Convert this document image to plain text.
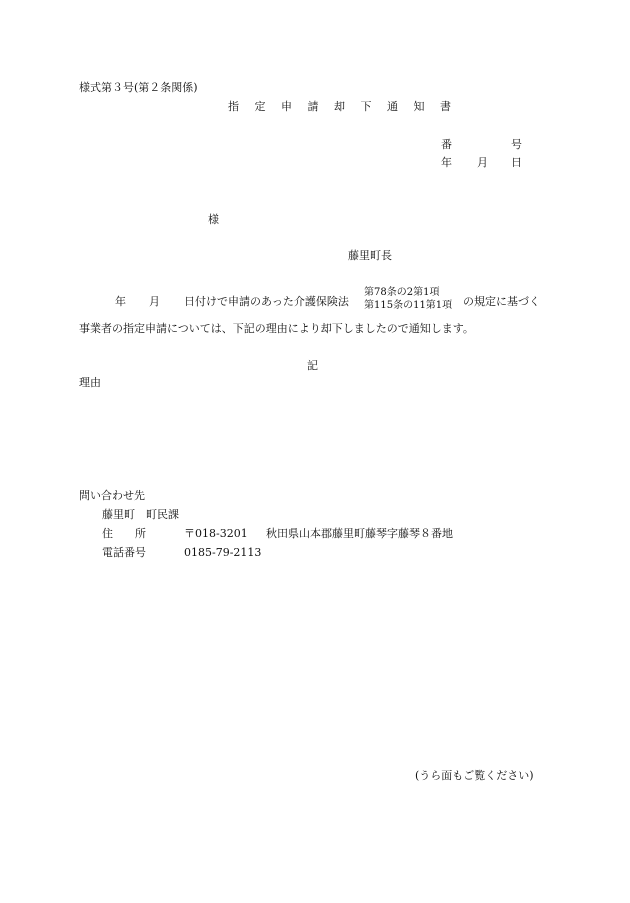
様式第３号(第２条関係)
指 定 申 請 却 下 通 知 書
番	号
年 月 日
様
藤里町長
年 月 日付けで申請のあった介護保険法
第78条の2第1項
第115条の11第1項 の規定に基づく
事業者の指定申請については、下記の理由により却下しましたので通知します。
記
理由
問い合わせ先
藤里町　町民課
住　　所	〒018-3201 秋田県山本郡藤里町藤琴字藤琴８番地
電話番号	0185-79-2113
(うら面もご覧ください)
